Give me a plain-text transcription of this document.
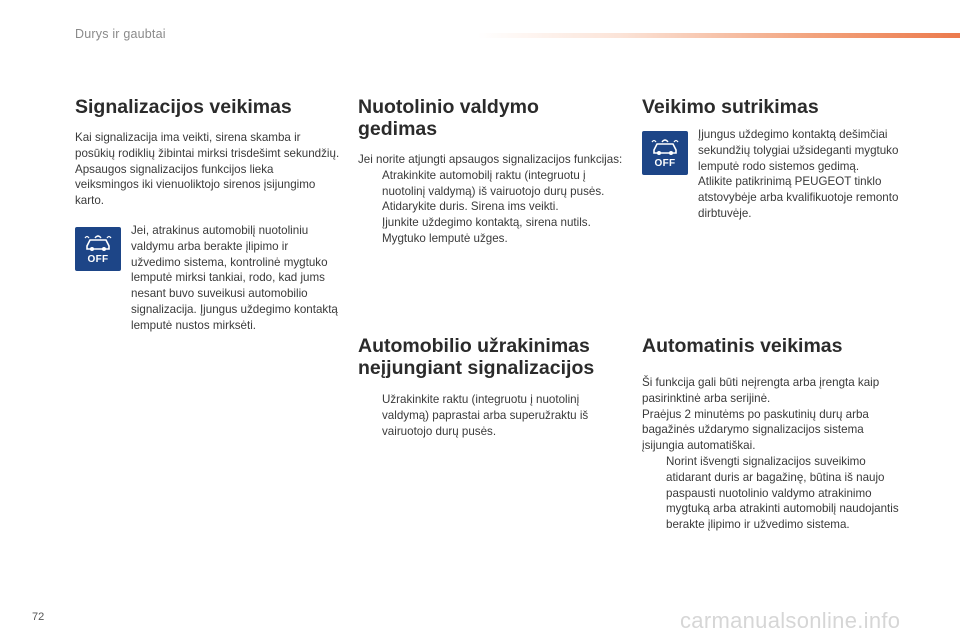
Durys ir gaubtai
Signalizacijos veikimas

Kai signalizacija ima veikti, sirena skamba ir posūkių rodiklių žibintai mirksi trisdešimt sekundžių.

Apsaugos signalizacijos funkcijos lieka veiksmingos iki vienuoliktojo sirenos įsijungimo karto.

OFF

Jei, atrakinus automobilį nuotoliniu valdymu arba berakte įlipimo ir užvedimo sistema, kontrolinė mygtuko lemputė mirksi tankiai, rodo, kad jums nesant buvo suveikusi automobilio signalizacija. Įjungus uždegimo kontaktą lemputė nustos mirksėti.

Nuotolinio valdymo gedimas

Jei norite atjungti apsaugos signalizacijos funkcijas:

Atrakinkite automobilį raktu (integruotu į nuotolinį valdymą) iš vairuotojo durų pusės.
Atidarykite duris. Sirena ims veikti.
Įjunkite uždegimo kontaktą, sirena nutils. Mygtuko lemputė užges.
Automobilio užrakinimas neįjungiant signalizacijos
Užrakinkite raktu (integruotu į nuotolinį valdymą) paprastai arba superužraktu iš vairuotojo durų pusės.
Veikimo sutrikimas
OFF

Įjungus uždegimo kontaktą dešimčiai sekundžių tolygiai užsideganti mygtuko lemputė rodo sistemos gedimą.

Atlikite patikrinimą PEUGEOT tinklo atstovybėje arba kvalifikuotoje remonto dirbtuvėje.

Automatinis veikimas

Ši funkcija gali būti neįrengta arba įrengta kaip pasirinktinė arba serijinė.

Praėjus 2 minutėms po paskutinių durų arba bagažinės uždarymo signalizacijos sistema įsijungia automatiškai.

Norint išvengti signalizacijos suveikimo atidarant duris ar bagažinę, būtina iš naujo paspausti nuotolinio valdymo atrakinimo mygtuką arba atrakinti automobilį naudojantis berakte įlipimo ir užvedimo sistema.
72	carmanualsonline.info
